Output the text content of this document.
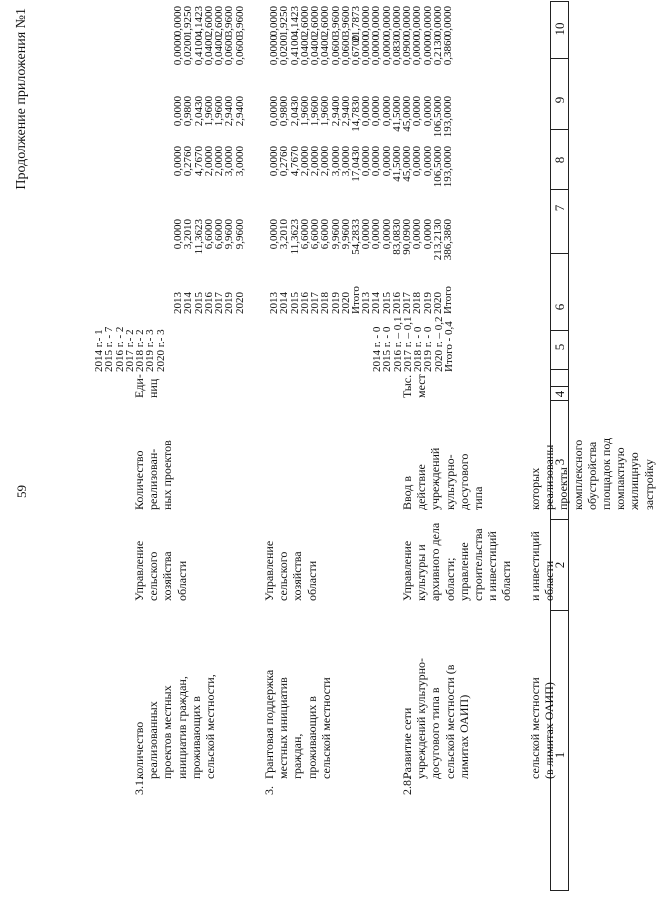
Продолжение приложения №1
59
1
2
3
4
5
6
7
8
9
10
сельской местности (в лимитах ОАИП)
и инвестиций области
которых реализованы проекты комплексного обустройства площадок под компактную жилищную застройку
2.8.
Развитие сети учреждений культурно- досугового типа в сельской местности (в лимитах ОАИП)
Управление культуры и архивного дела области; управление строительства и инвестиций области
Ввод в действие учреждений культурно- досугового типа
Тыс. мест
2014 г. - 0
2015 г. - 0
2016 г. – 0,1
2017 г. – 0,1
2018 г. - 0
2019 г. - 0
2020 г. – 0,2
Итого - 0,4
2013
2014
2015
2016
2017
2018
2019
2020
Итого
0,0000
0,0000
0,0000
83,0830
90,0900
0,0000
0,0000
213,2130
386,3860
0,0000
0,0000
0,0000
41,5000
45,0000
0,0000
0,0000
106,5000
193,0000
0,0000
0,0000
0,0000
41,5000
45,0000
0,0000
0,0000
106,5000
193,0000
0,0000
0,0000
0,0000
0,0830
0,0900
0,0000
0,0000
0,2130
0,3860
0,0000
0,0000
0,0000
0,0000
0,0000
0,0000
0,0000
0,0000
0,0000
3.
Грантовая поддержка местных инициатив граждан, проживающих в сельской местности
Управление сельского хозяйства области
2013
2014
2015
2016
2017
2018
2019
2020
Итого
0,0000
3,2010
11,3623
6,6000
6,6000
6,6000
9,9600
9,9600
54,2833
0,0000
0,2760
4,7670
2,0000
2,0000
2,0000
3,0000
3,0000
17,0430
0,0000
0,9800
2,0430
1,9600
1,9600
1,9600
2,9400
2,9400
14,7830
0,0000
0,0200
0,4100
0,0400
0,0400
0,0400
0,0600
0,0600
0,6700
0,0000
1,9250
4,1423
2,6000
2,6000
2,6000
3,9600
3,9600
21,7873
3.1.
количество реализованных проектов местных инициатив граждан, проживающих в сельской местности,
Управление сельского хозяйства области
Количество реализован- ных проектов
Еди- ниц
2014 г.- 1
2015 г. - 7
2016 г. - 2
2017 г.- 2
2018 г.- 2
2019 г.- 3
2020 г.- 3
2013
2014
2015
2016
2017
2019
2020
0,0000
3,2010
11,3623
6,6000
6,6000
9,9600
9,9600
0,0000
0,2760
4,7670
2,0000
2,0000
3,0000
3,0000
0,0000
0,9800
2,0430
1,9600
1,9600
2,9400
2,9400
0,0000
0,0200
0,4100
0,0400
0,0400
0,0600
0,0600
0,0000
1,9250
4,1423
2,6000
2,6000
3,9600
3,9600
